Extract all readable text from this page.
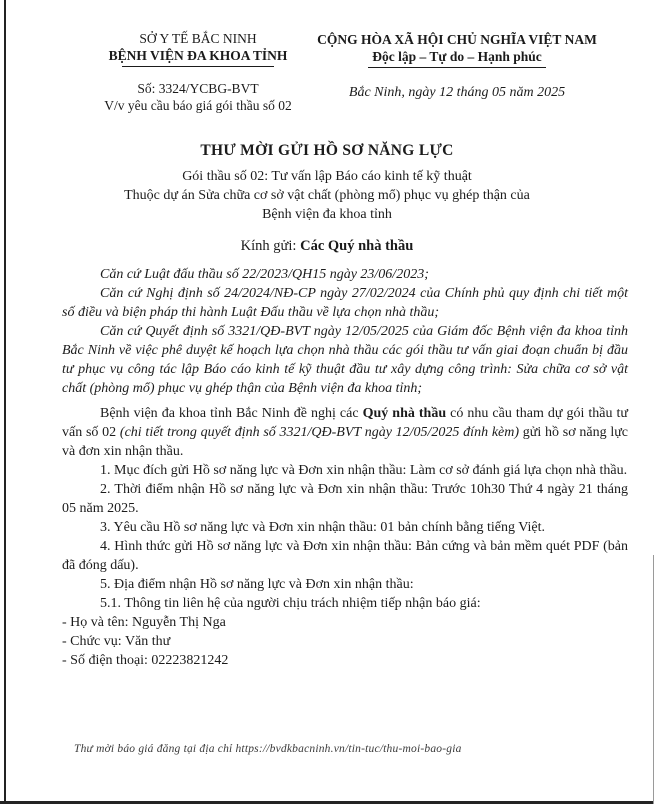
SỞ Y TẾ BẮC NINH
BỆNH VIỆN ĐA KHOA TỈNH
Số: 3324/YCBG-BVT
V/v yêu cầu báo giá gói thầu số 02
CỘNG HÒA XÃ HỘI CHỦ NGHĨA VIỆT NAM
Độc lập – Tự do – Hạnh phúc
Bắc Ninh, ngày 12 tháng 05 năm 2025
THƯ MỜI GỬI HỒ SƠ NĂNG LỰC
Gói thầu số 02: Tư vấn lập Báo cáo kinh tế kỹ thuật
Thuộc dự án Sửa chữa cơ sở vật chất (phòng mổ) phục vụ ghép thận của
Bệnh viện đa khoa tỉnh
Kính gửi: Các Quý nhà thầu

Căn cứ Luật đấu thầu số 22/2023/QH15 ngày 23/06/2023;

Căn cứ Nghị định số 24/2024/NĐ-CP ngày 27/02/2024 của Chính phủ quy định chi tiết một số điều và biện pháp thi hành Luật Đấu thầu về lựa chọn nhà thầu;

Căn cứ Quyết định số 3321/QĐ-BVT ngày 12/05/2025 của Giám đốc Bệnh viện đa khoa tỉnh Bắc Ninh về việc phê duyệt kế hoạch lựa chọn nhà thầu các gói thầu tư vấn giai đoạn chuẩn bị đầu tư phục vụ công tác lập Báo cáo kinh tế kỹ thuật đầu tư xây dựng công trình: Sửa chữa cơ sở vật chất (phòng mổ) phục vụ ghép thận của Bệnh viện đa khoa tỉnh;

Bệnh viện đa khoa tỉnh Bắc Ninh đề nghị các Quý nhà thầu có nhu cầu tham dự gói thầu tư vấn số 02 (chi tiết trong quyết định số 3321/QĐ-BVT ngày 12/05/2025 đính kèm) gửi hồ sơ năng lực và đơn xin nhận thầu.

1. Mục đích gửi Hồ sơ năng lực và Đơn xin nhận thầu: Làm cơ sở đánh giá lựa chọn nhà thầu.

2. Thời điểm nhận Hồ sơ năng lực và Đơn xin nhận thầu: Trước 10h30 Thứ 4 ngày 21 tháng 05 năm 2025.

3. Yêu cầu Hồ sơ năng lực và Đơn xin nhận thầu: 01 bản chính bằng tiếng Việt.

4. Hình thức gửi Hồ sơ năng lực và Đơn xin nhận thầu: Bản cứng và bản mềm quét PDF (bản đã đóng dấu).

5. Địa điểm nhận Hồ sơ năng lực và Đơn xin nhận thầu:

5.1. Thông tin liên hệ của người chịu trách nhiệm tiếp nhận báo giá:

- Họ và tên: Nguyễn Thị Nga

- Chức vụ: Văn thư

- Số điện thoại: 02223821242

Thư mời báo giá đăng tại địa chỉ https://bvdkbacninh.vn/tin-tuc/thu-moi-bao-gia
